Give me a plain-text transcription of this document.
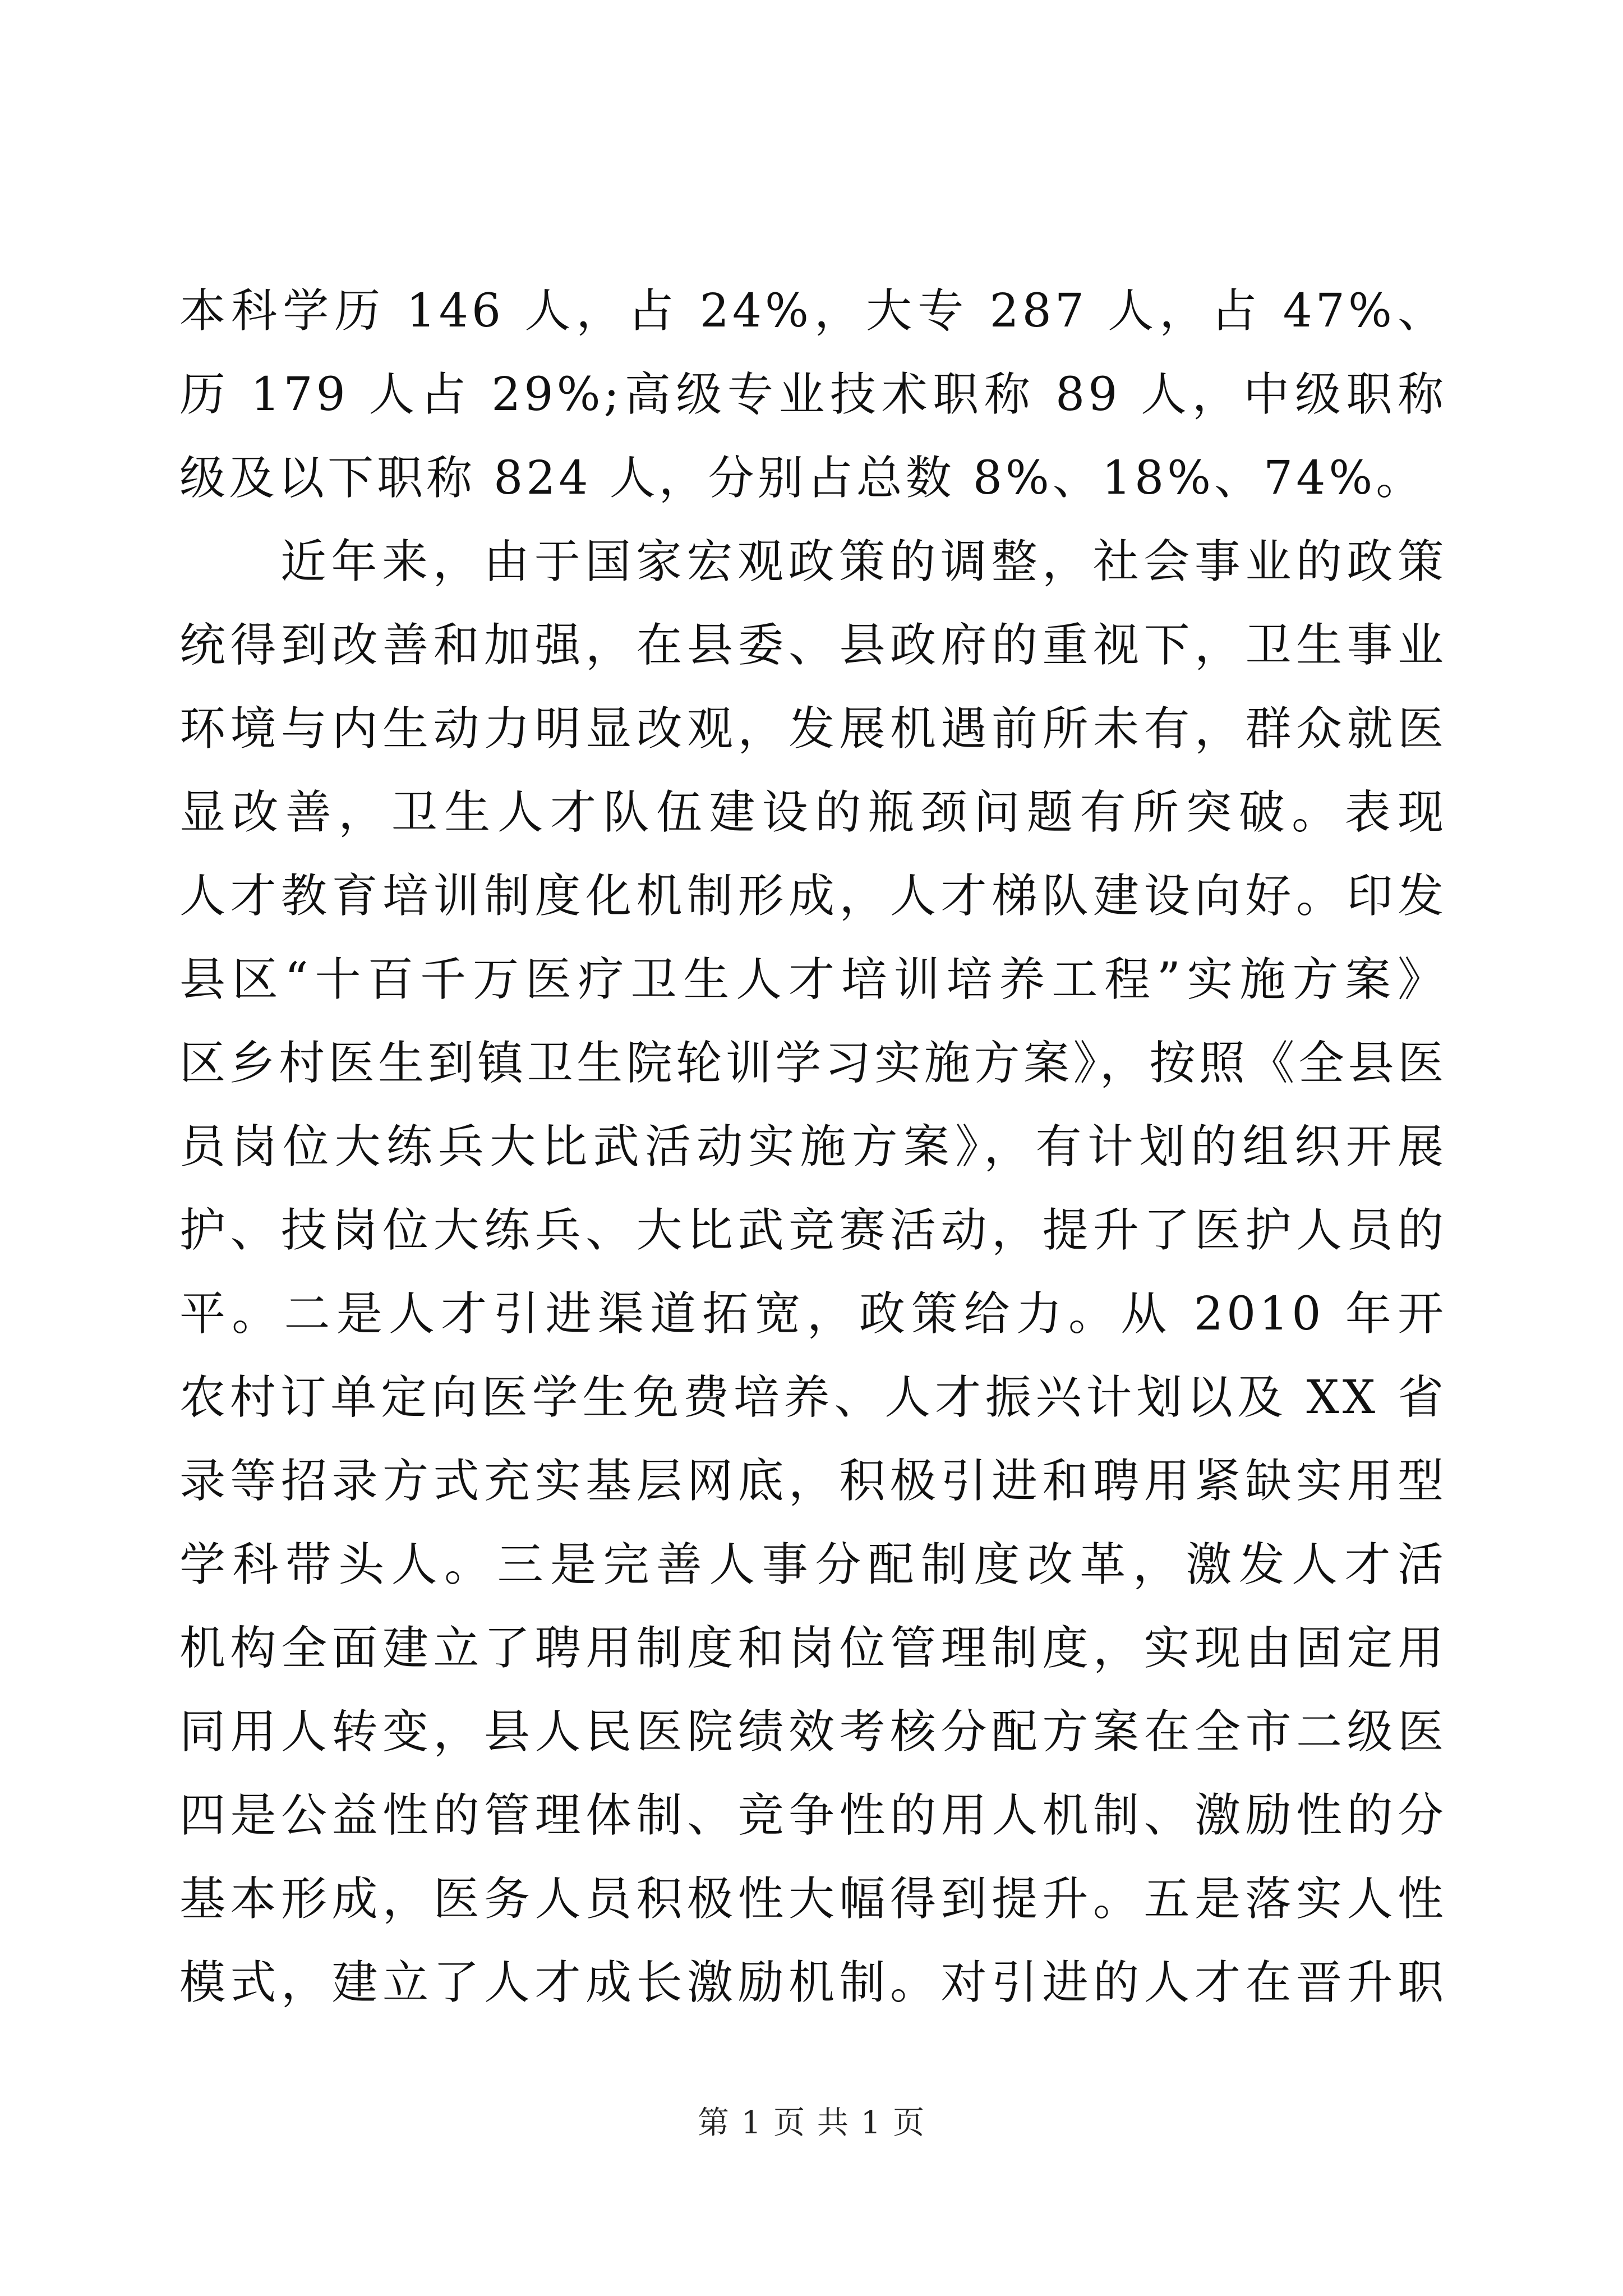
本科学历 146 人，占 24%，大专 287 人，占 47%、
历 179 人占 29%;高级专业技术职称 89 人，中级职称
级及以下职称 824 人，分别占总数 8%、18%、74%。
近年来，由于国家宏观政策的调整，社会事业的政策
统得到改善和加强，在县委、县政府的重视下，卫生事业
环境与内生动力明显改观，发展机遇前所未有，群众就医
显改善，卫生人才队伍建设的瓶颈问题有所突破。表现
人才教育培训制度化机制形成，人才梯队建设向好。印发
县区“十百千万医疗卫生人才培训培养工程”实施方案》
区乡村医生到镇卫生院轮训学习实施方案》，按照《全县医
员岗位大练兵大比武活动实施方案》，有计划的组织开展
护、技岗位大练兵、大比武竞赛活动，提升了医护人员的
平。二是人才引进渠道拓宽，政策给力。从 2010 年开
农村订单定向医学生免费培养、人才振兴计划以及 XX 省
录等招录方式充实基层网底，积极引进和聘用紧缺实用型
学科带头人。三是完善人事分配制度改革，激发人才活
机构全面建立了聘用制度和岗位管理制度，实现由固定用
同用人转变，县人民医院绩效考核分配方案在全市二级医
四是公益性的管理体制、竞争性的用人机制、激励性的分
基本形成，医务人员积极性大幅得到提升。五是落实人性
模式，建立了人才成长激励机制。对引进的人才在晋升职
第 1 页 共 1 页
